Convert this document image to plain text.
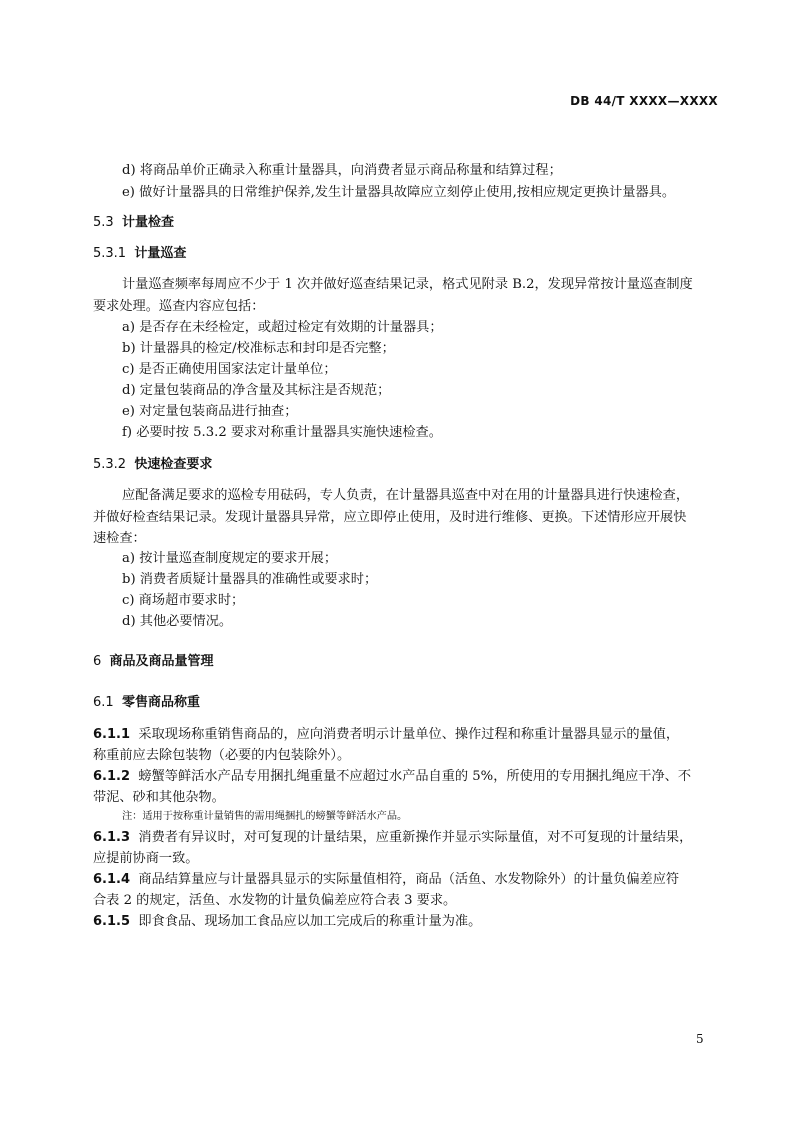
DB 44/T XXXX—XXXX
d) 将商品单价正确录入称重计量器具，向消费者显示商品称量和结算过程；
e) 做好计量器具的日常维护保养,发生计量器具故障应立刻停止使用,按相应规定更换计量器具。
5.3 计量检查
5.3.1 计量巡查
计量巡查频率每周应不少于 1 次并做好巡查结果记录，格式见附录 B.2，发现异常按计量巡查制度
要求处理。巡查内容应包括：
a) 是否存在未经检定，或超过检定有效期的计量器具；
b) 计量器具的检定/校准标志和封印是否完整；
c) 是否正确使用国家法定计量单位；
d) 定量包装商品的净含量及其标注是否规范；
e) 对定量包装商品进行抽查；
f) 必要时按 5.3.2 要求对称重计量器具实施快速检查。
5.3.2 快速检查要求
应配备满足要求的巡检专用砝码，专人负责，在计量器具巡查中对在用的计量器具进行快速检查，
并做好检查结果记录。发现计量器具异常，应立即停止使用，及时进行维修、更换。下述情形应开展快
速检查：
a) 按计量巡查制度规定的要求开展；
b) 消费者质疑计量器具的准确性或要求时；
c) 商场超市要求时；
d) 其他必要情况。
6 商品及商品量管理
6.1 零售商品称重
6.1.1 采取现场称重销售商品的，应向消费者明示计量单位、操作过程和称重计量器具显示的量值，
称重前应去除包装物（必要的内包装除外）。
6.1.2 螃蟹等鲜活水产品专用捆扎绳重量不应超过水产品自重的 5%，所使用的专用捆扎绳应干净、不
带泥、砂和其他杂物。
注：适用于按称重计量销售的需用绳捆扎的螃蟹等鲜活水产品。
6.1.3 消费者有异议时，对可复现的计量结果，应重新操作并显示实际量值，对不可复现的计量结果，
应提前协商一致。
6.1.4 商品结算量应与计量器具显示的实际量值相符，商品（活鱼、水发物除外）的计量负偏差应符
合表 2 的规定，活鱼、水发物的计量负偏差应符合表 3 要求。
6.1.5 即食食品、现场加工食品应以加工完成后的称重计量为准。
5
